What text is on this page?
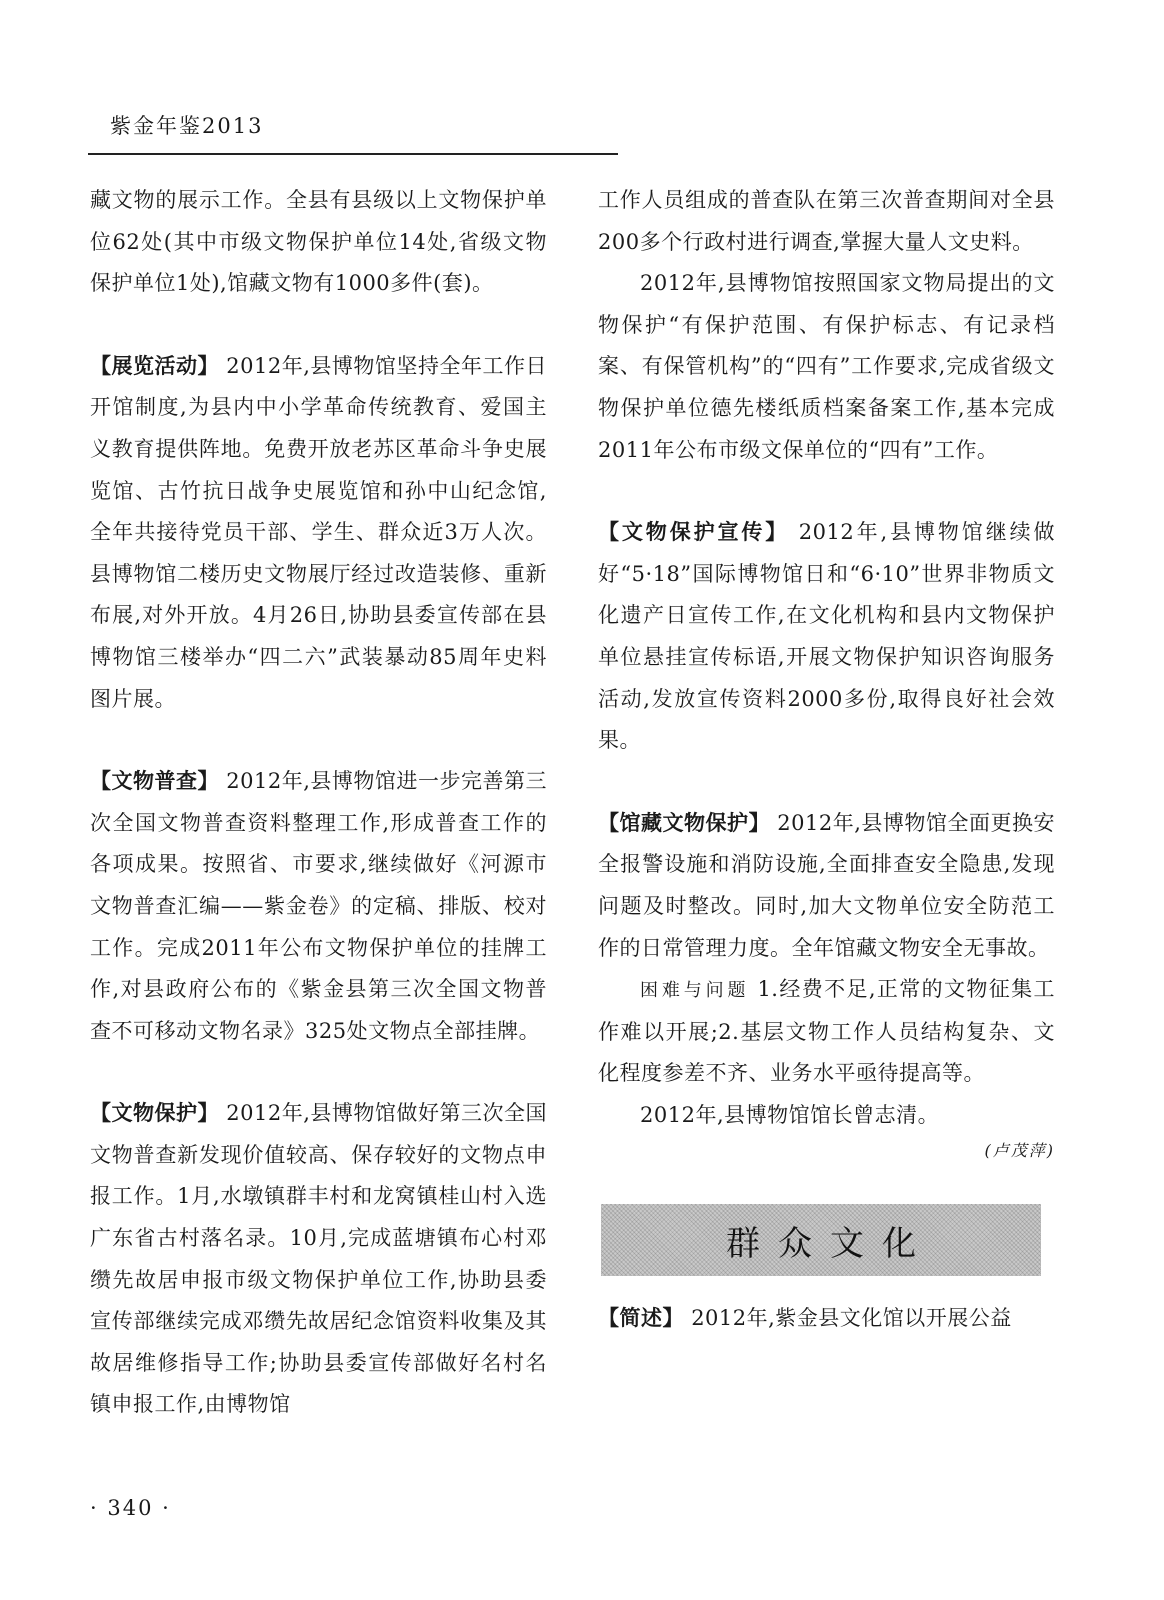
紫金年鉴2013

藏文物的展示工作。全县有县级以上文物保护单位62处(其中市级文物保护单位14处,省级文物保护单位1处),馆藏文物有1000多件(套)。

【展览活动】 2012年,县博物馆坚持全年工作日开馆制度,为县内中小学革命传统教育、爱国主义教育提供阵地。免费开放老苏区革命斗争史展览馆、古竹抗日战争史展览馆和孙中山纪念馆,全年共接待党员干部、学生、群众近3万人次。县博物馆二楼历史文物展厅经过改造装修、重新布展,对外开放。4月26日,协助县委宣传部在县博物馆三楼举办“四二六”武装暴动85周年史料图片展。

【文物普查】 2012年,县博物馆进一步完善第三次全国文物普查资料整理工作,形成普查工作的各项成果。按照省、市要求,继续做好《河源市文物普查汇编——紫金卷》的定稿、排版、校对工作。完成2011年公布文物保护单位的挂牌工作,对县政府公布的《紫金县第三次全国文物普查不可移动文物名录》325处文物点全部挂牌。

【文物保护】 2012年,县博物馆做好第三次全国文物普查新发现价值较高、保存较好的文物点申报工作。1月,水墩镇群丰村和龙窝镇桂山村入选广东省古村落名录。10月,完成蓝塘镇布心村邓缵先故居申报市级文物保护单位工作,协助县委宣传部继续完成邓缵先故居纪念馆资料收集及其故居维修指导工作;协助县委宣传部做好名村名镇申报工作,由博物馆

工作人员组成的普查队在第三次普查期间对全县200多个行政村进行调查,掌握大量人文史料。

2012年,县博物馆按照国家文物局提出的文物保护“有保护范围、有保护标志、有记录档案、有保管机构”的“四有”工作要求,完成省级文物保护单位德先楼纸质档案备案工作,基本完成2011年公布市级文保单位的“四有”工作。

【文物保护宣传】 2012年,县博物馆继续做好“5·18”国际博物馆日和“6·10”世界非物质文化遗产日宣传工作,在文化机构和县内文物保护单位悬挂宣传标语,开展文物保护知识咨询服务活动,发放宣传资料2000多份,取得良好社会效果。

【馆藏文物保护】 2012年,县博物馆全面更换安全报警设施和消防设施,全面排查安全隐患,发现问题及时整改。同时,加大文物单位安全防范工作的日常管理力度。全年馆藏文物安全无事故。

困难与问题 1.经费不足,正常的文物征集工作难以开展;2.基层文物工作人员结构复杂、文化程度参差不齐、业务水平亟待提高等。

2012年,县博物馆馆长曾志清。

(卢茂萍)

群众文化

【简述】 2012年,紫金县文化馆以开展公益

· 340 ·
